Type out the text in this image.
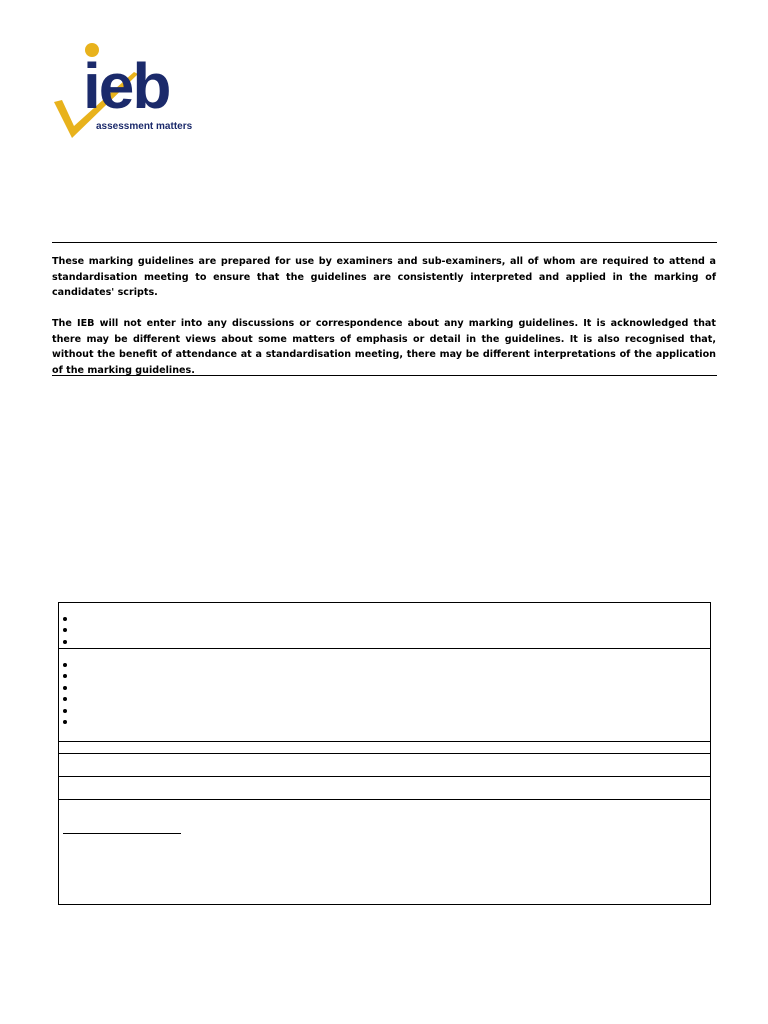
ieb
assessment matters

These marking guidelines are prepared for use by examiners and sub-examiners, all of whom are required to attend a standardisation meeting to ensure that the guidelines are consistently interpreted and applied in the marking of candidates' scripts.

The IEB will not enter into any discussions or correspondence about any marking guidelines. It is acknowledged that there may be different views about some matters of emphasis or detail in the guidelines. It is also recognised that, without the benefit of attendance at a standardisation meeting, there may be different interpretations of the application of the marking guidelines.
